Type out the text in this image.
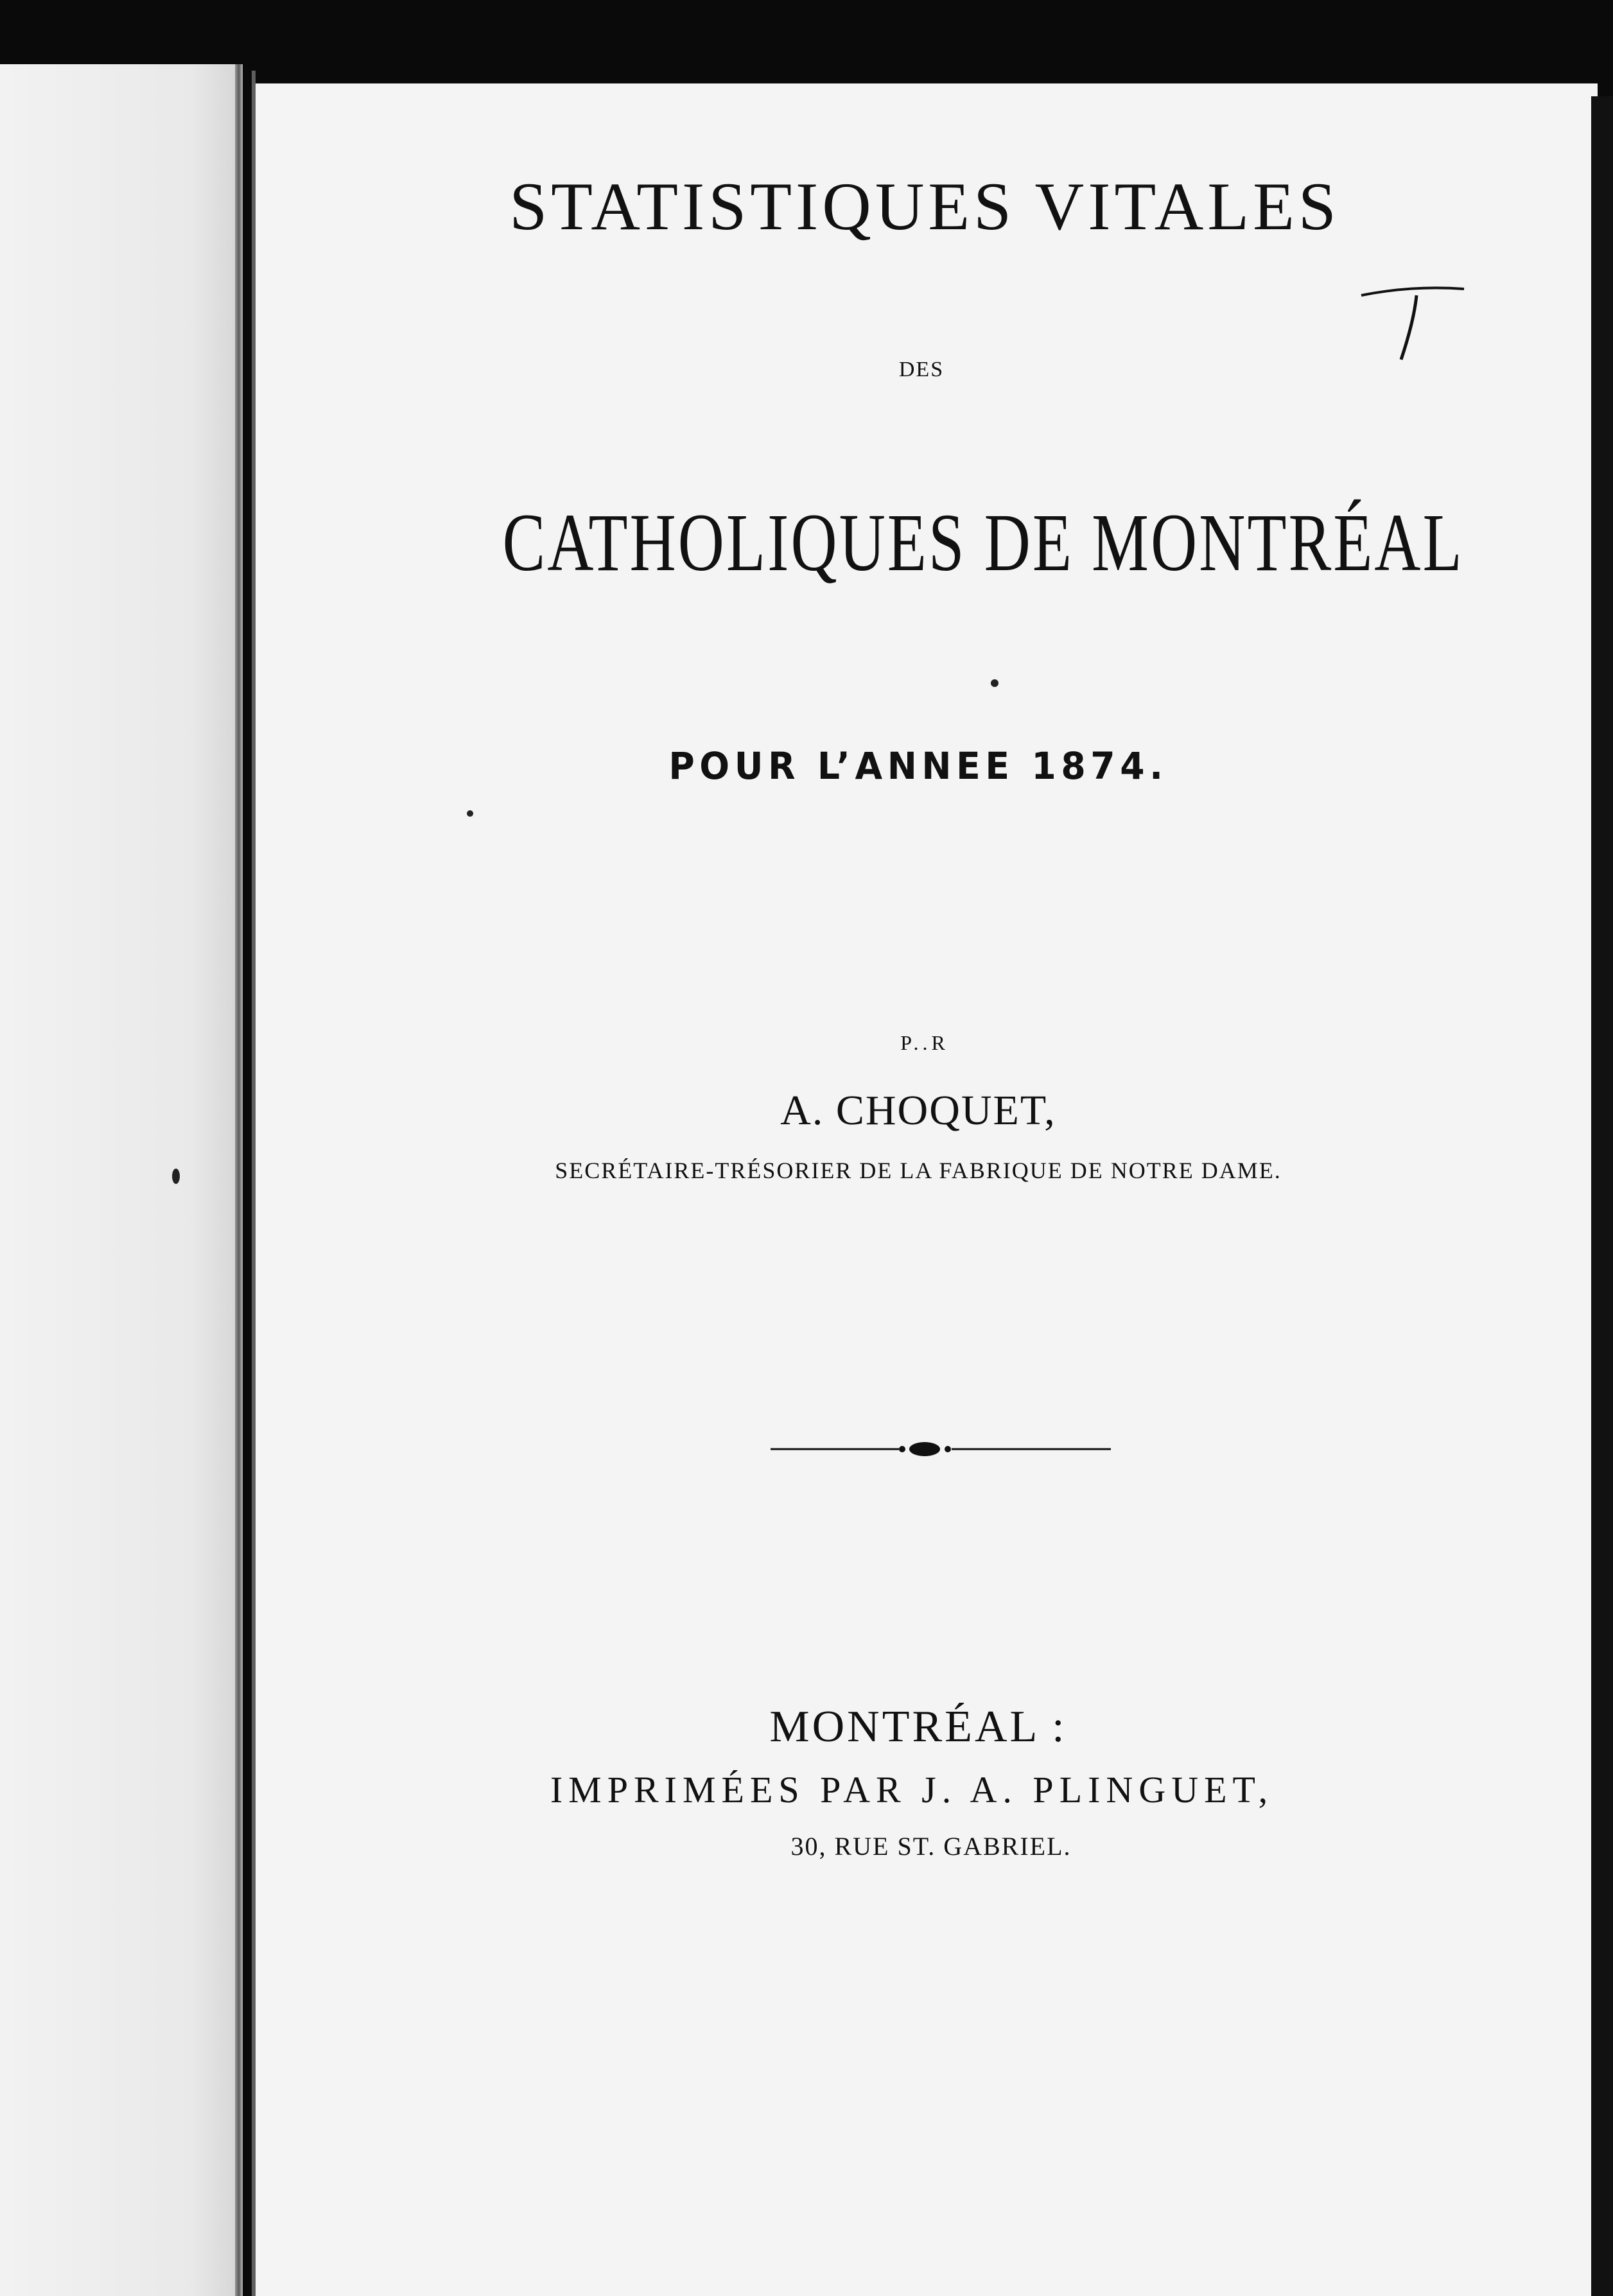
STATISTIQUES VITALES
DES
CATHOLIQUES DE MONTRÉAL
POUR L’ANNEE 1874.
P..R
A. CHOQUET,
SECRÉTAIRE-TRÉSORIER DE LA FABRIQUE DE NOTRE DAME.
MONTRÉAL :
IMPRIMÉES PAR J. A. PLINGUET,
30, RUE ST. GABRIEL.
